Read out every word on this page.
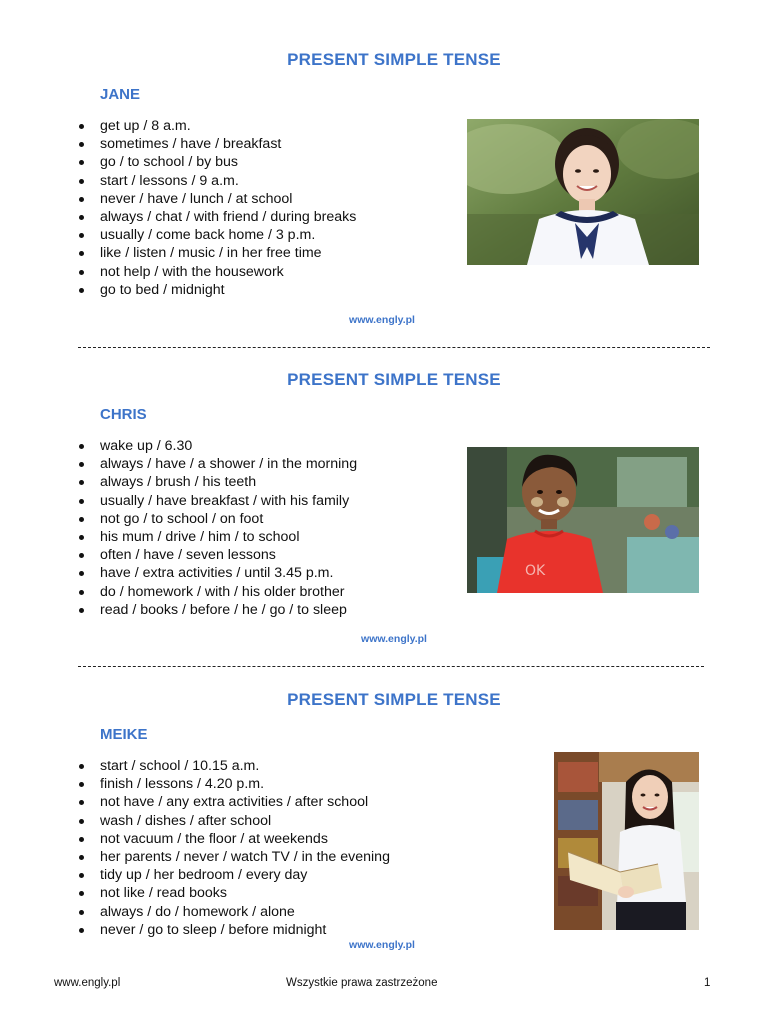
PRESENT SIMPLE TENSE
JANE
get up / 8 a.m.
sometimes / have / breakfast
go / to school / by bus
start / lessons / 9 a.m.
never / have / lunch / at school
always / chat / with friend / during breaks
usually / come back home / 3 p.m.
like / listen / music / in her free time
not help / with the housework
go to bed / midnight
www.engly.pl
PRESENT SIMPLE TENSE
CHRIS
wake up / 6.30
always / have / a shower / in the morning
always / brush / his teeth
usually / have breakfast / with his family
not go / to school / on foot
his mum / drive / him / to school
often / have / seven lessons
have / extra activities / until 3.45 p.m.
do / homework / with / his older brother
read / books / before / he / go / to sleep
OK
www.engly.pl
PRESENT SIMPLE TENSE
MEIKE
start / school / 10.15 a.m.
finish / lessons / 4.20 p.m.
not have / any extra activities / after school
wash / dishes / after school
not vacuum / the floor / at weekends
her parents / never / watch TV / in the evening
tidy up / her bedroom / every day
not like / read books
always / do / homework / alone
never / go to sleep / before midnight
www.engly.pl
www.engly.pl	Wszystkie prawa zastrzeżone	1
